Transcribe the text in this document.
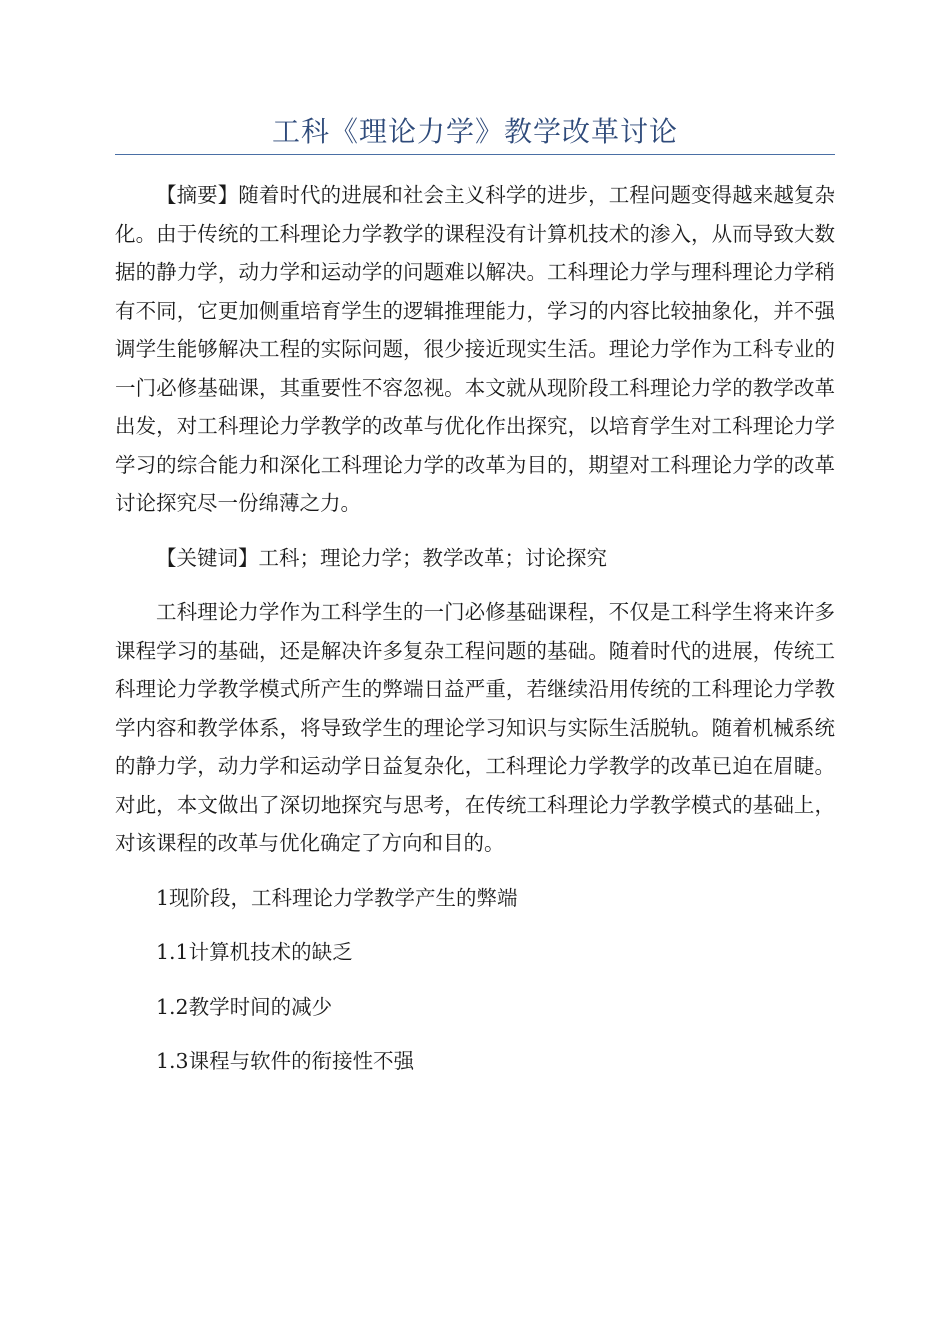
工科《理论力学》教学改革讨论

【摘要】随着时代的进展和社会主义科学的进步，工程问题变得越来越复杂化。由于传统的工科理论力学教学的课程没有计算机技术的渗入，从而导致大数据的静力学，动力学和运动学的问题难以解决。工科理论力学与理科理论力学稍有不同，它更加侧重培育学生的逻辑推理能力，学习的内容比较抽象化，并不强调学生能够解决工程的实际问题，很少接近现实生活。理论力学作为工科专业的一门必修基础课，其重要性不容忽视。本文就从现阶段工科理论力学的教学改革出发，对工科理论力学教学的改革与优化作出探究，以培育学生对工科理论力学学习的综合能力和深化工科理论力学的改革为目的，期望对工科理论力学的改革讨论探究尽一份绵薄之力。

【关键词】工科；理论力学；教学改革；讨论探究

工科理论力学作为工科学生的一门必修基础课程，不仅是工科学生将来许多课程学习的基础，还是解决许多复杂工程问题的基础。随着时代的进展，传统工科理论力学教学模式所产生的弊端日益严重，若继续沿用传统的工科理论力学教学内容和教学体系，将导致学生的理论学习知识与实际生活脱轨。随着机械系统的静力学，动力学和运动学日益复杂化，工科理论力学教学的改革已迫在眉睫。对此，本文做出了深切地探究与思考，在传统工科理论力学教学模式的基础上，对该课程的改革与优化确定了方向和目的。

1现阶段，工科理论力学教学产生的弊端

1.1计算机技术的缺乏

1.2教学时间的减少

1.3课程与软件的衔接性不强
